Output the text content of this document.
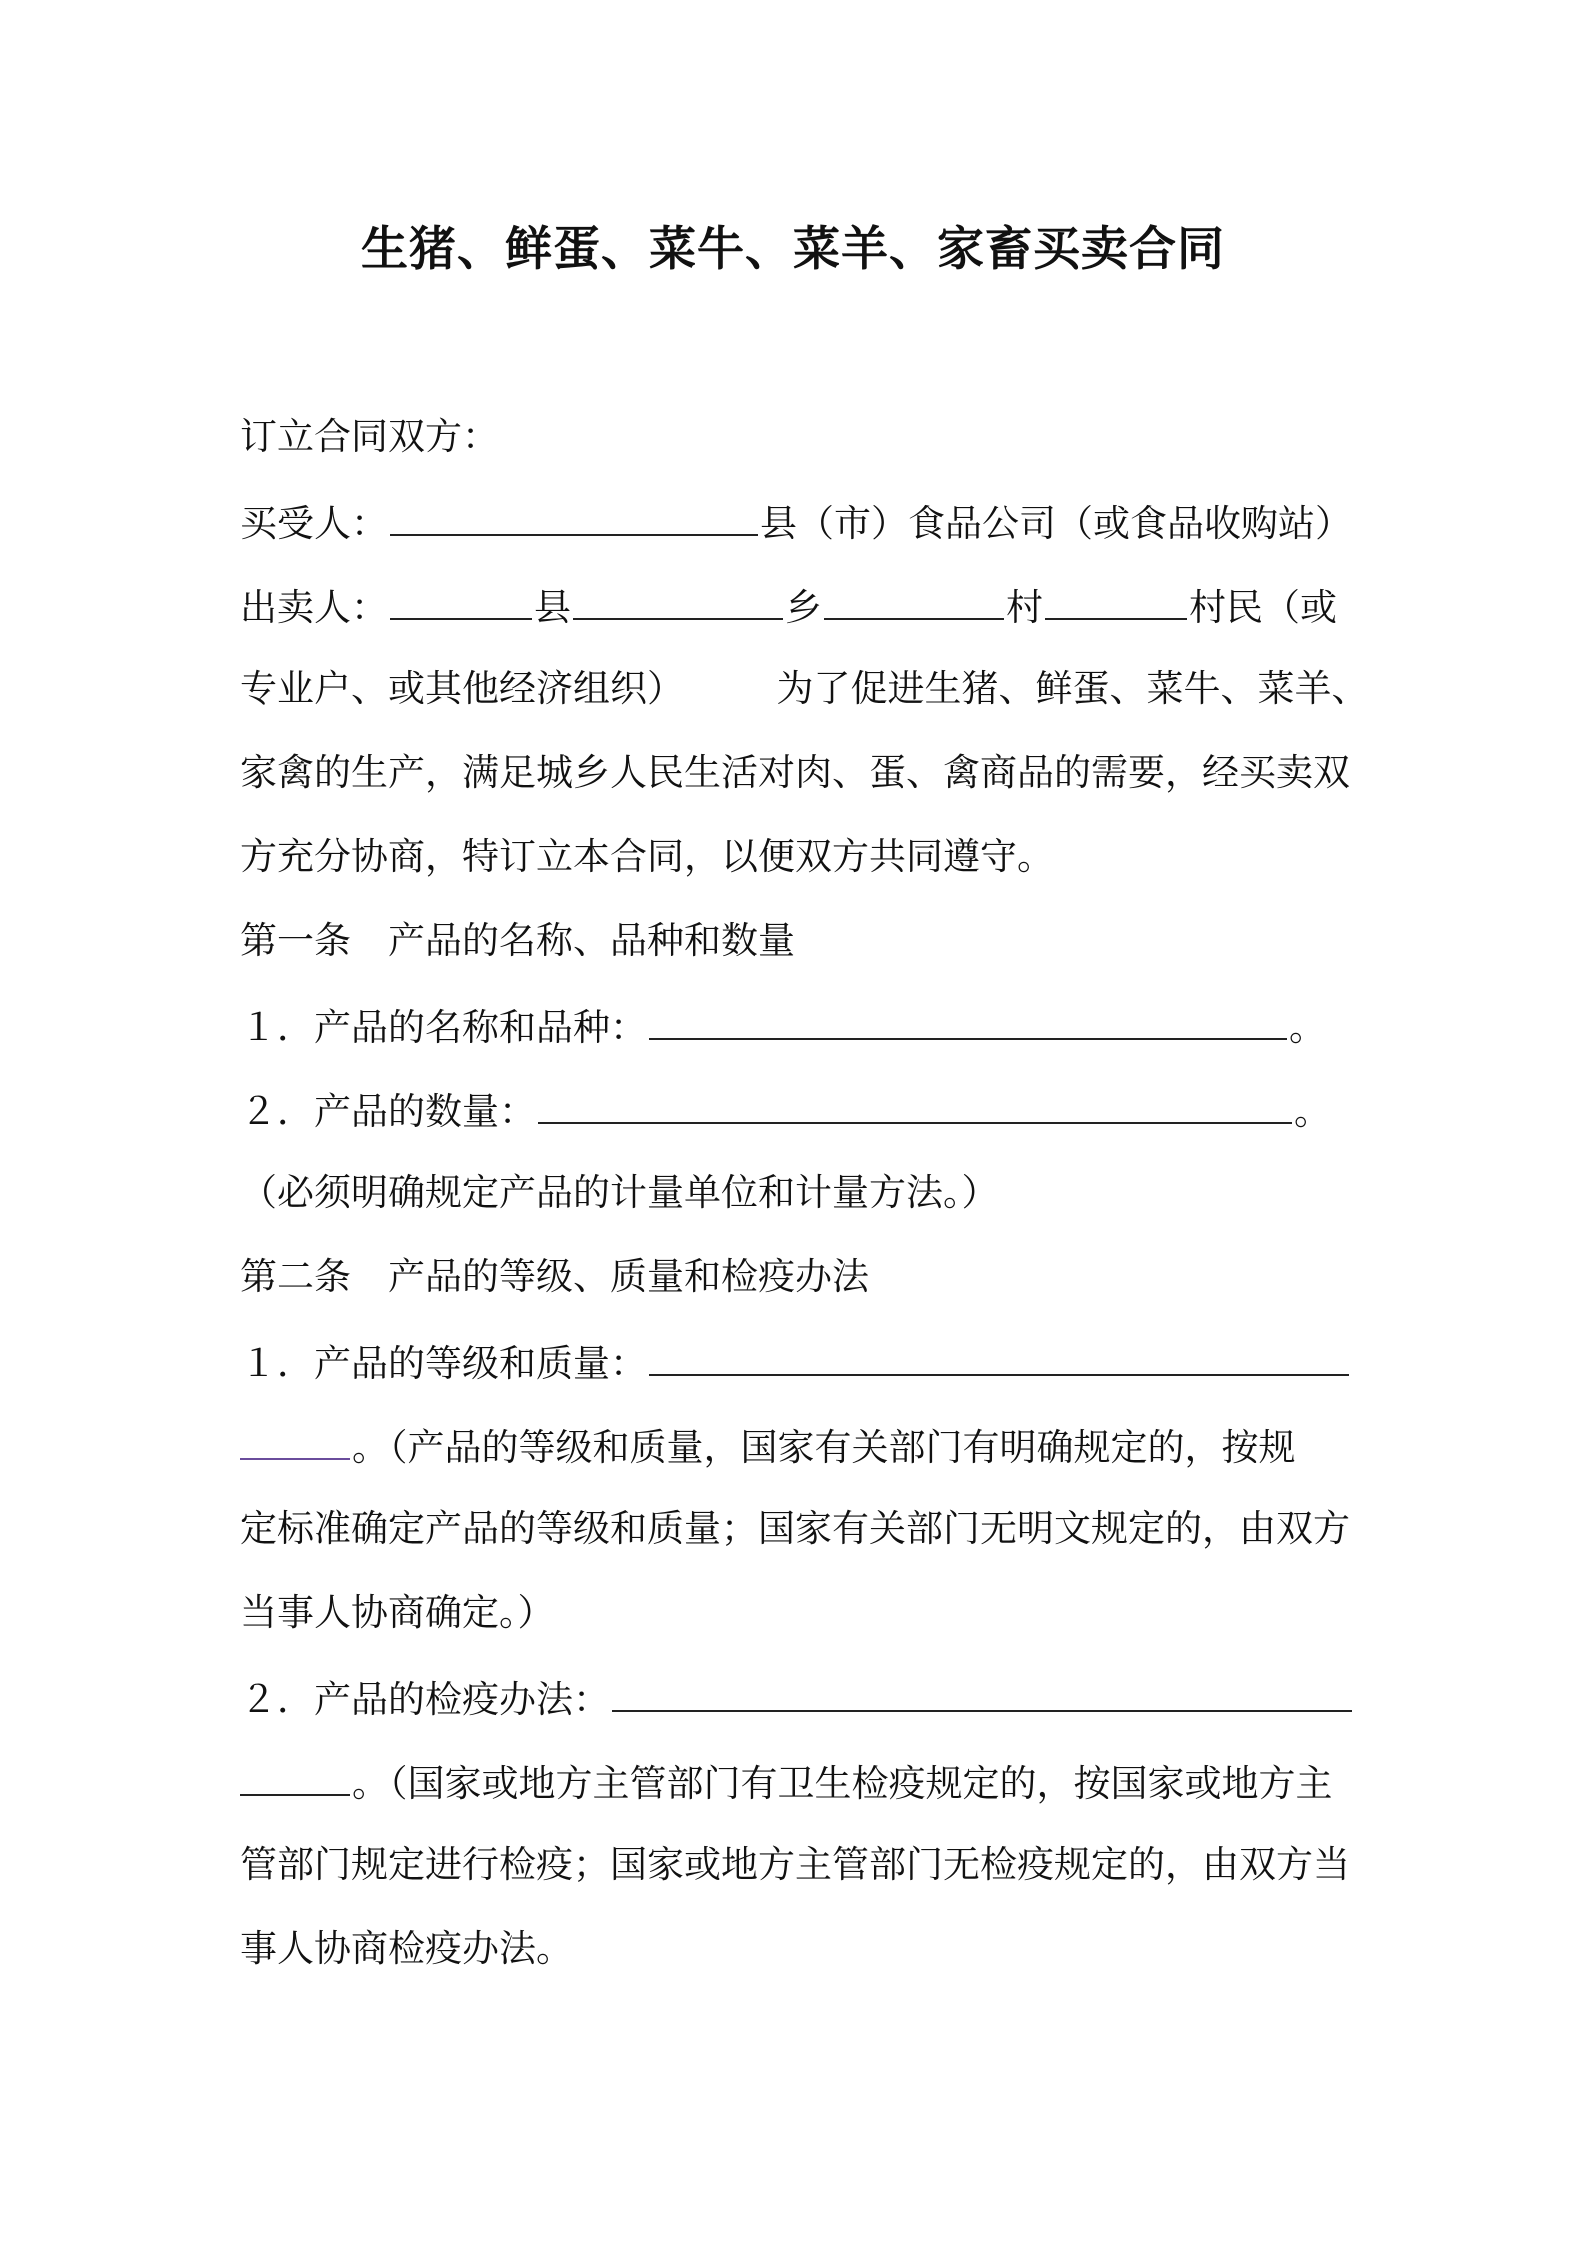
生猪、鲜蛋、菜牛、菜羊、家畜买卖合同
订立合同双方：
买受人：	县（市）食品公司（或食品收购站）
出卖人：	县	乡	村	村民（或
专业户、或其他经济组织）　　　为了促进生猪、鲜蛋、菜牛、菜羊、
家禽的生产，满足城乡人民生活对肉、蛋、禽商品的需要，经买卖双
方充分协商，特订立本合同，以便双方共同遵守。
第一条　产品的名称、品种和数量
１．产品的名称和品种：	。
２．产品的数量：	。
（必须明确规定产品的计量单位和计量方法。）
第二条　产品的等级、质量和检疫办法
１．产品的等级和质量：
。（产品的等级和质量，国家有关部门有明确规定的，按规
定标准确定产品的等级和质量；国家有关部门无明文规定的，由双方
当事人协商确定。）
２．产品的检疫办法：
。（国家或地方主管部门有卫生检疫规定的，按国家或地方主
管部门规定进行检疫；国家或地方主管部门无检疫规定的，由双方当
事人协商检疫办法。
